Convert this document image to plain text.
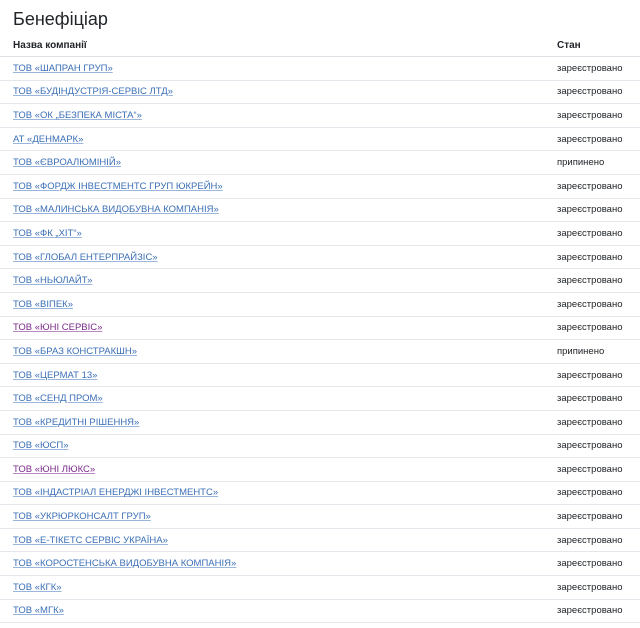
Бенефіціар
Назва компанії	Стан
ТОВ «ШАПРАН ГРУП»	зареєстровано
ТОВ «БУДІНДУСТРІЯ-СЕРВІС ЛТД»	зареєстровано
ТОВ «ОК „БЕЗПЕКА МІСТА“»	зареєстровано
АТ «ДЕНМАРК»	зареєстровано
ТОВ «ЄВРОАЛЮМІНІЙ»	припинено
ТОВ «ФОРДЖ ІНВЕСТМЕНТС ГРУП ЮКРЕЙН»	зареєстровано
ТОВ «МАЛИНСЬКА ВИДОБУВНА КОМПАНІЯ»	зареєстровано
ТОВ «ФК „ХІТ“»	зареєстровано
ТОВ «ГЛОБАЛ ЕНТЕРПРАЙЗІС»	зареєстровано
ТОВ «НЬЮЛАЙТ»	зареєстровано
ТОВ «ВІПЕК»	зареєстровано
ТОВ «ЮНІ СЕРВІС»	зареєстровано
ТОВ «БРАЗ КОНСТРАКШН»	припинено
ТОВ «ЦЕРМАТ 13»	зареєстровано
ТОВ «СЕНД ПРОМ»	зареєстровано
ТОВ «КРЕДИТНІ РІШЕННЯ»	зареєстровано
ТОВ «ЮСП»	зареєстровано
ТОВ «ЮНІ ЛЮКС»	зареєстровано
ТОВ «ІНДАСТРІАЛ ЕНЕРДЖІ ІНВЕСТМЕНТС»	зареєстровано
ТОВ «УКРЮРКОНСАЛТ ГРУП»	зареєстровано
ТОВ «Е-ТІКЕТС СЕРВІС УКРАЇНА»	зареєстровано
ТОВ «КОРОСТЕНСЬКА ВИДОБУВНА КОМПАНІЯ»	зареєстровано
ТОВ «КГК»	зареєстровано
ТОВ «МГК»	зареєстровано
